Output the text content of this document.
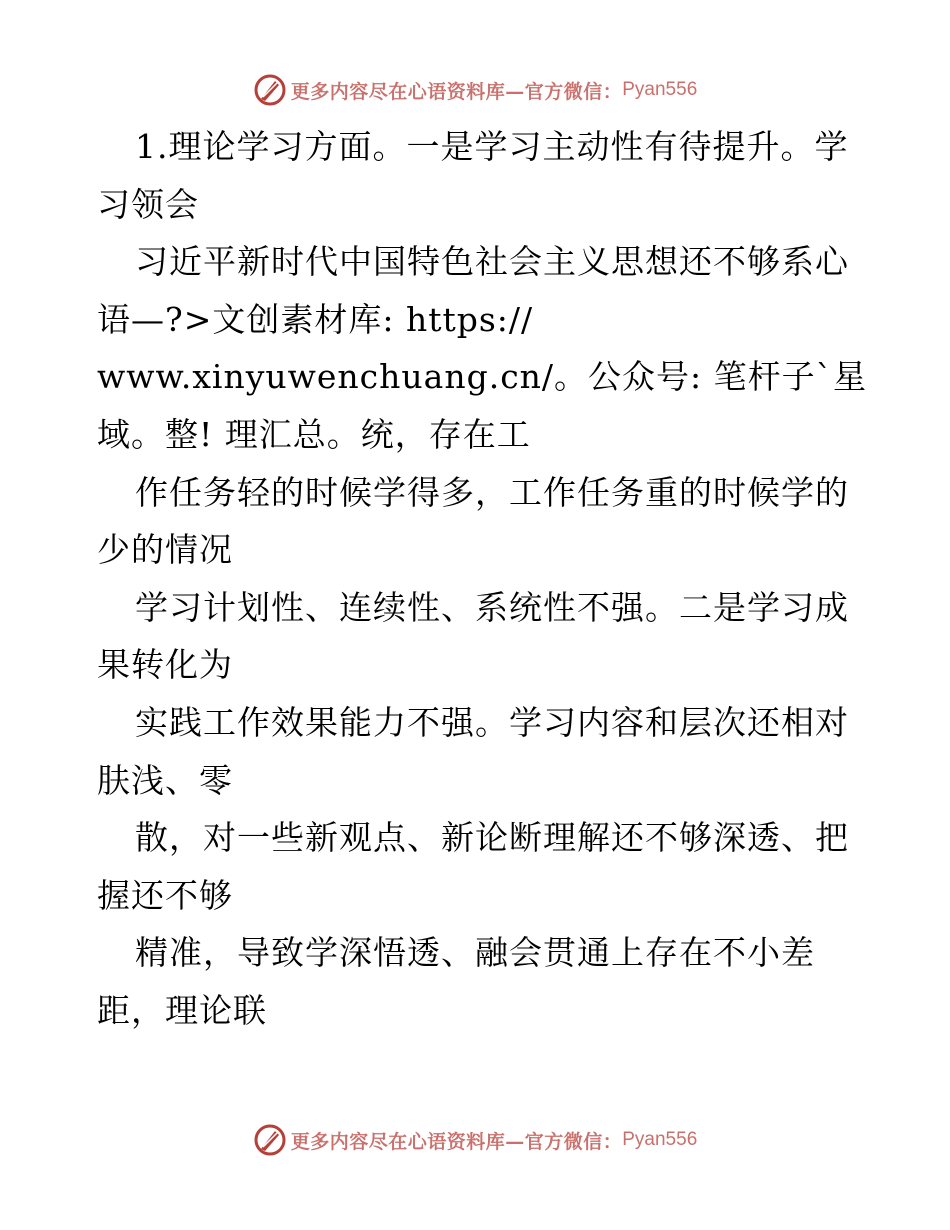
更多内容尽在心语资料库—官方微信： Pyan556
1.理论学习方面。一是学习主动性有待提升。学
习领会
习近平新时代中国特色社会主义思想还不够系心
语—?>文创素材库: https://
www.xinyuwenchuang.cn/。公众号: 笔杆子`星
域。整! 理汇总。统，存在工
作任务轻的时候学得多，工作任务重的时候学的
少的情况
学习计划性、连续性、系统性不强。二是学习成
果转化为
实践工作效果能力不强。学习内容和层次还相对
肤浅、零
散，对一些新观点、新论断理解还不够深透、把
握还不够
精准，导致学深悟透、融会贯通上存在不小差
距，理论联
更多内容尽在心语资料库—官方微信： Pyan556
